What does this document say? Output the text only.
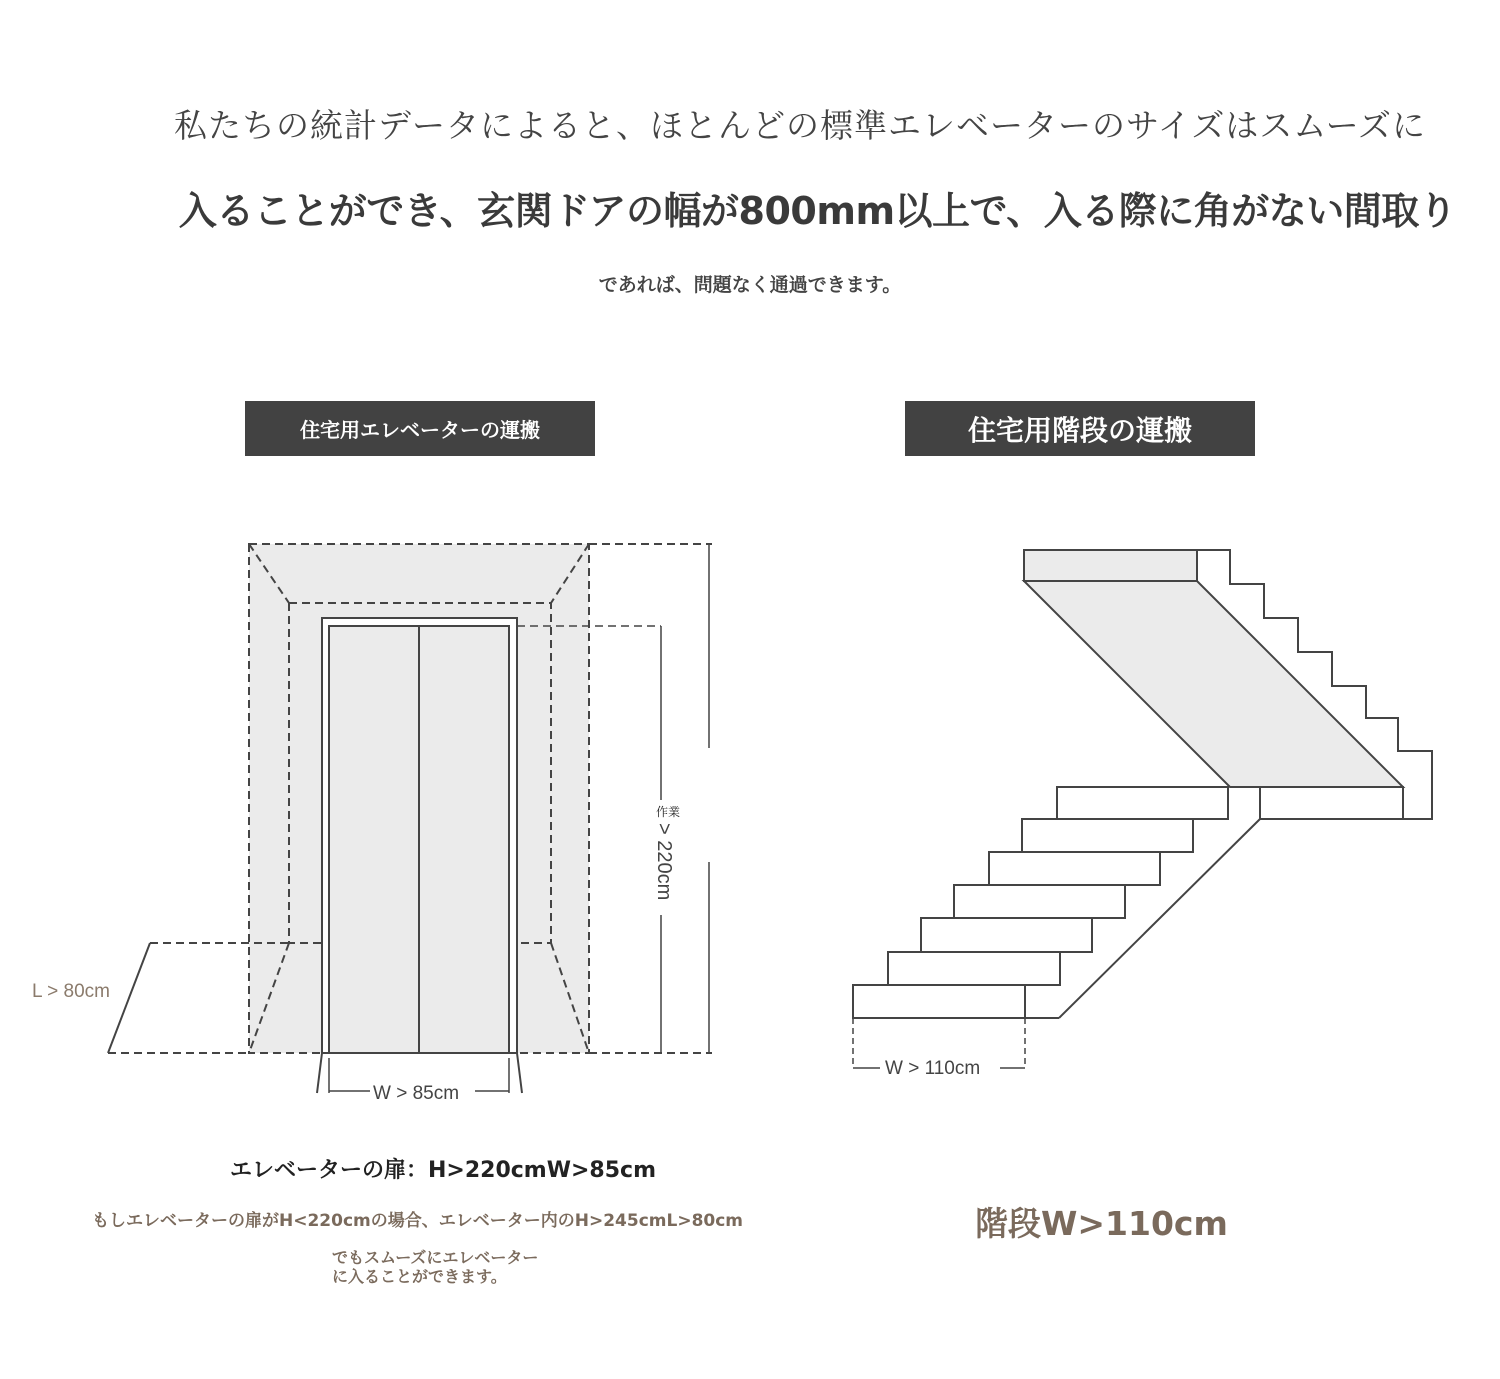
私たちの統計データによると、ほとんどの標準エレベーターのサイズはスムーズに
入ることができ、玄関ドアの幅が800mm以上で、入る際に角がない間取り
であれば、問題なく通過できます。
住宅用エレベーターの運搬	住宅用階段の運搬
L > 80cm
W > 85cm
作業
> 220cm
W > 110cm
エレベーターの扉：H>220cmW>85cm
もしエレベーターの扉がH<220cmの場合、エレベーター内のH>245cmL>80cm
でもスムーズにエレベーター
に入ることができます。
階段W>110cm
